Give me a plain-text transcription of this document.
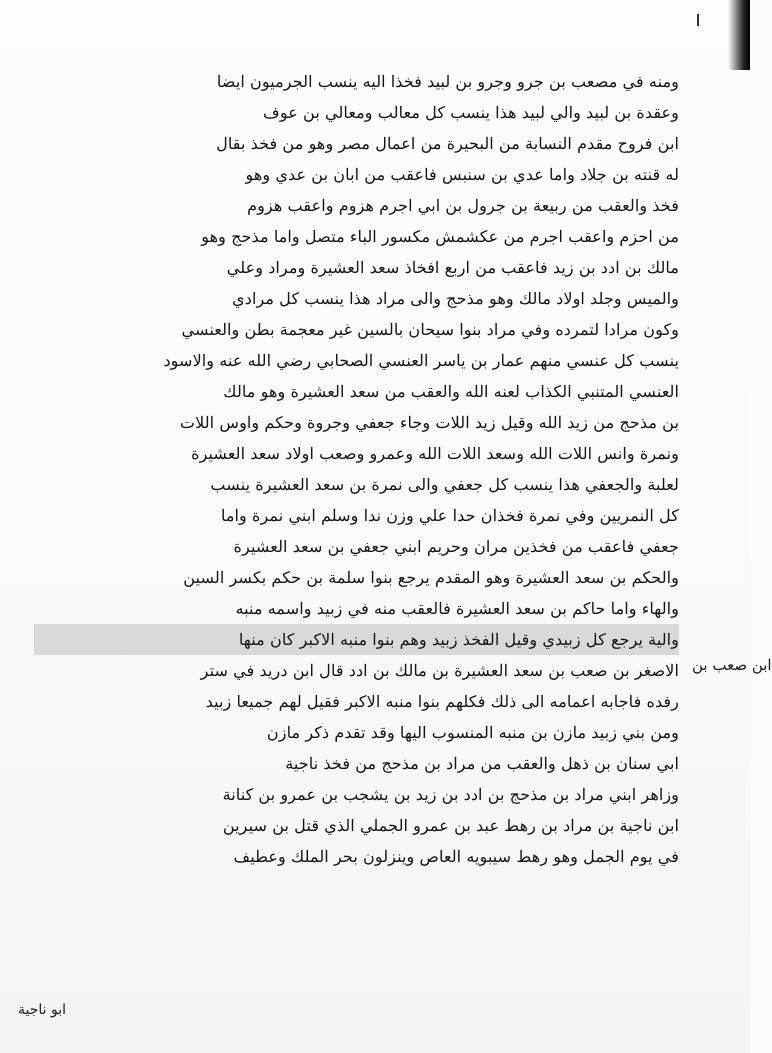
ومنه في مصعب بن جرو وجرو بن لبيد فخذا اليه ينسب الجرميون ايضا
وعقدة بن لبيد والي لبيد هذا ينسب كل معالب ومعالي بن عوف
ابن فروح مقدم النسابة من البحيرة من اعمال مصر وهو من فخذ بقال
له قنته بن جلاد واما عدي بن سنبس فاعقب من ابان بن عدي وهو
فخذ والعقب من ربيعة بن جرول بن ابي اجرم هزوم واعقب هزوم
من احزم واعقب اجرم من عكشمش مكسور الباء متصل واما مذحج وهو
مالك بن ادد بن زيد فاعقب من اربع افخاذ سعد العشيرة ومراد وعلي
والميس وجلد اولاد مالك وهو مذحج والى مراد هذا ينسب كل مرادي
وكون مرادا لتمرده وفي مراد بنوا سيحان بالسين غير معجمة بطن والعنسي
ينسب كل عنسي منهم عمار بن ياسر العنسي الصحابي رضي الله عنه والاسود
العنسي المتنبي الكذاب لعنه الله والعقب من سعد العشيرة وهو مالك
بن مذحج من زيد الله وقيل زيد اللات وجاء جعفي وجروة وحكم واوس اللات
ونمرة وانس اللات الله وسعد اللات الله وعمرو وصعب اولاد سعد العشيرة
لعلبة والجعفي هذا ينسب كل جعفي والى نمرة بن سعد العشيرة ينسب
كل النمريين وفي نمرة فخذان حدا علي وزن ندا وسلم ابني نمرة واما
جعفي فاعقب من فخذين مران وحريم ابني جعفي بن سعد العشيرة
والحكم بن سعد العشيرة وهو المقدم يرجع بنوا سلمة بن حكم بكسر السين
والهاء واما حاكم بن سعد العشيرة فالعقب منه في زبيد واسمه منبه
والية يرجع كل زبيدي وقيل الفخذ زبيد وهم بنوا منبه الاكبر كان منها
الاصغر بن صعب بن سعد العشيرة بن مالك بن ادد قال ابن دريد في ستر
رفده فاجابه اعمامه الى ذلك فكلهم بنوا منبه الاكبر فقيل لهم جميعا زبيد
ومن بني زبيد مازن بن منبه المنسوب اليها وقد تقدم ذكر مازن
ابي سنان بن ذهل والعقب من مراد بن مذحج من فخذ ناجية
وزاهر ابني مراد بن مذحج بن ادد بن زيد بن يشجب بن عمرو بن كنانة
ابن ناجية بن مراد بن رهط عبد بن عمرو الجملي الذي قتل بن سيرين
في يوم الجمل وهو رهط سيبويه العاص وينزلون بحر الملك وعطيف
ابن صعب بن
ابو ناجية
